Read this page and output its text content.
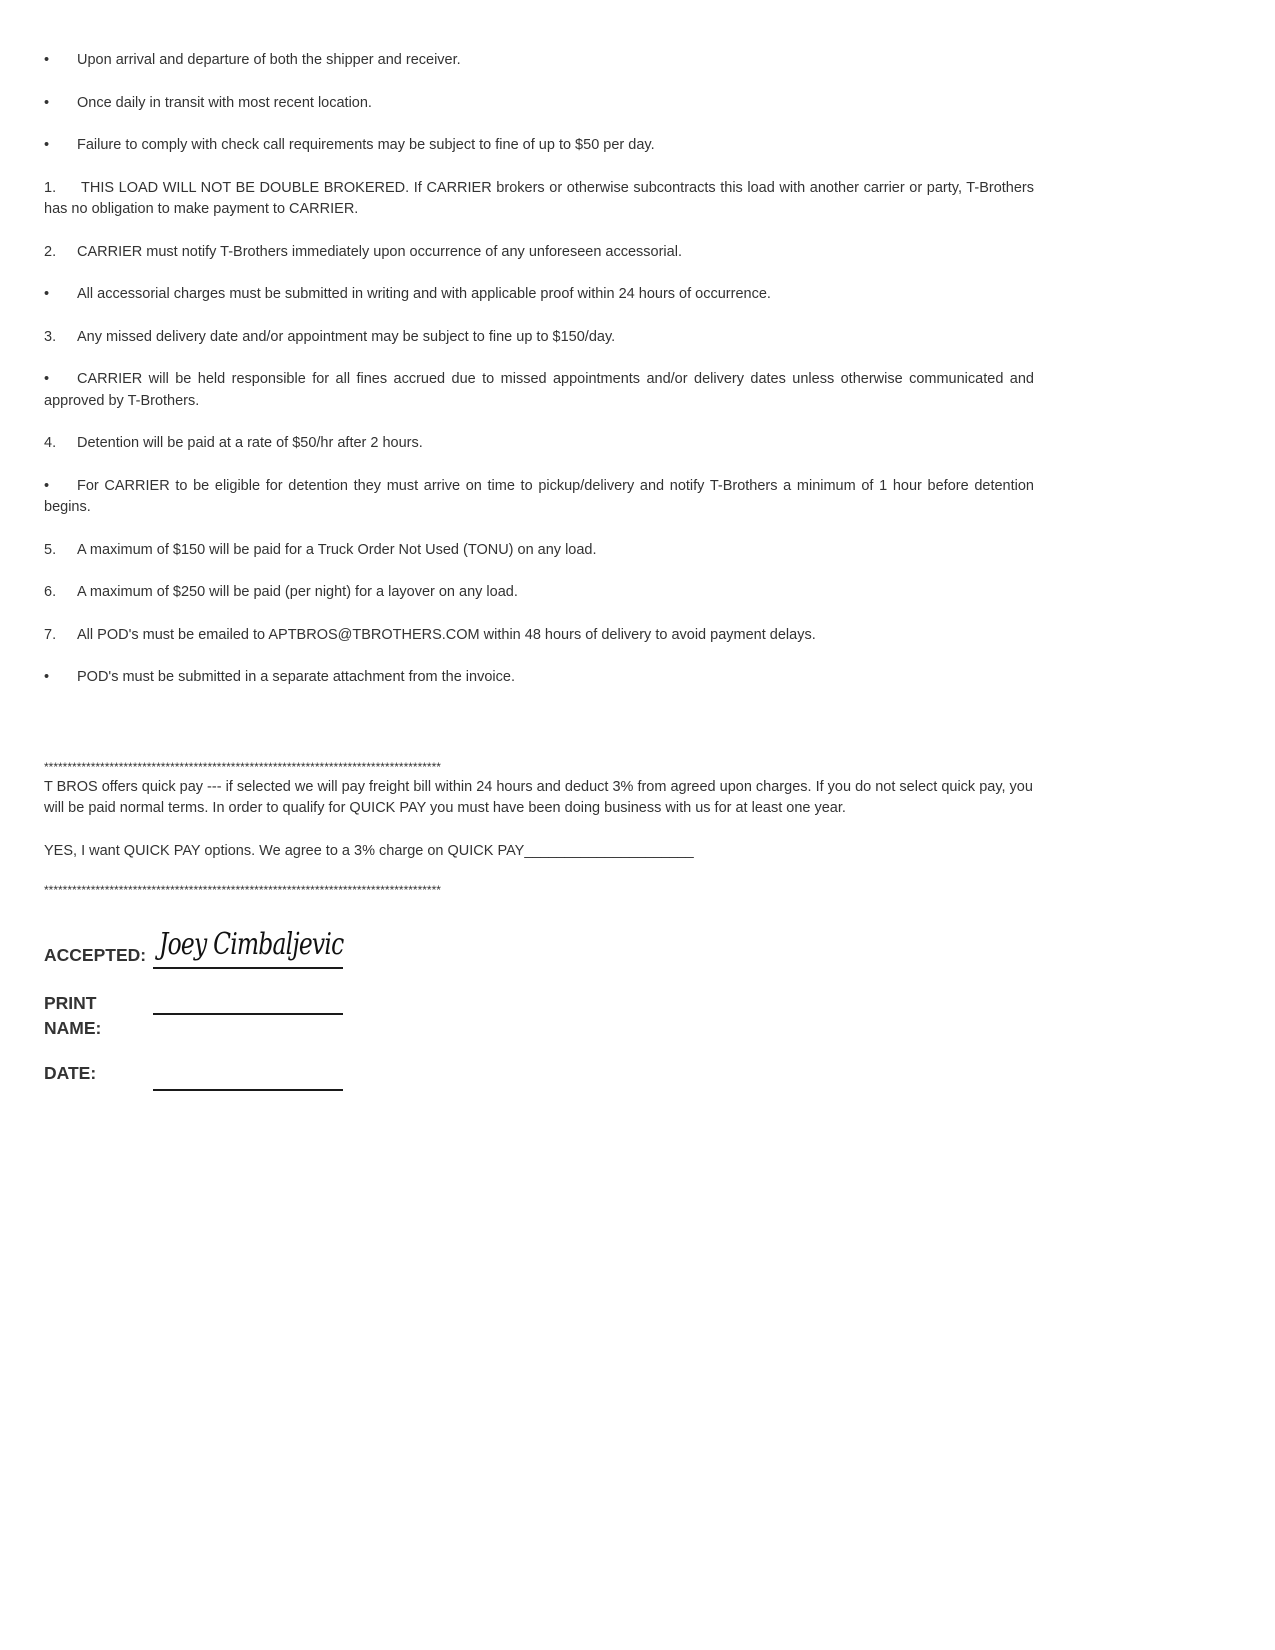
• Upon arrival and departure of both the shipper and receiver.

• Once daily in transit with most recent location.

• Failure to comply with check call requirements may be subject to fine of up to $50 per day.

1. THIS LOAD WILL NOT BE DOUBLE BROKERED. If CARRIER brokers or otherwise subcontracts this load with another carrier or party, T-Brothers has no obligation to make payment to CARRIER.

2. CARRIER must notify T-Brothers immediately upon occurrence of any unforeseen accessorial.

• All accessorial charges must be submitted in writing and with applicable proof within 24 hours of occurrence.

3. Any missed delivery date and/or appointment may be subject to fine up to $150/day.

• CARRIER will be held responsible for all fines accrued due to missed appointments and/or delivery dates unless otherwise communicated and approved by T-Brothers.

4. Detention will be paid at a rate of $50/hr after 2 hours.

• For CARRIER to be eligible for detention they must arrive on time to pickup/delivery and notify T-Brothers a minimum of 1 hour before detention begins.

5. A maximum of $150 will be paid for a Truck Order Not Used (TONU) on any load.

6. A maximum of $250 will be paid (per night) for a layover on any load.

7. All POD's must be emailed to APTBROS@TBROTHERS.COM within 48 hours of delivery to avoid payment delays.

• POD's must be submitted in a separate attachment from the invoice.

*************************************************************************************

T BROS offers quick pay --- if selected we will pay freight bill within 24 hours and deduct 3% from agreed upon charges. If you do not select quick pay, you will be paid normal terms. In order to qualify for QUICK PAY you must have been doing business with us for at least one year.

YES, I want QUICK PAY options. We agree to a 3% charge on QUICK PAY_____________________

*************************************************************************************
ACCEPTED: Joey Cimbaljevic
PRINT
NAME:
DATE:
